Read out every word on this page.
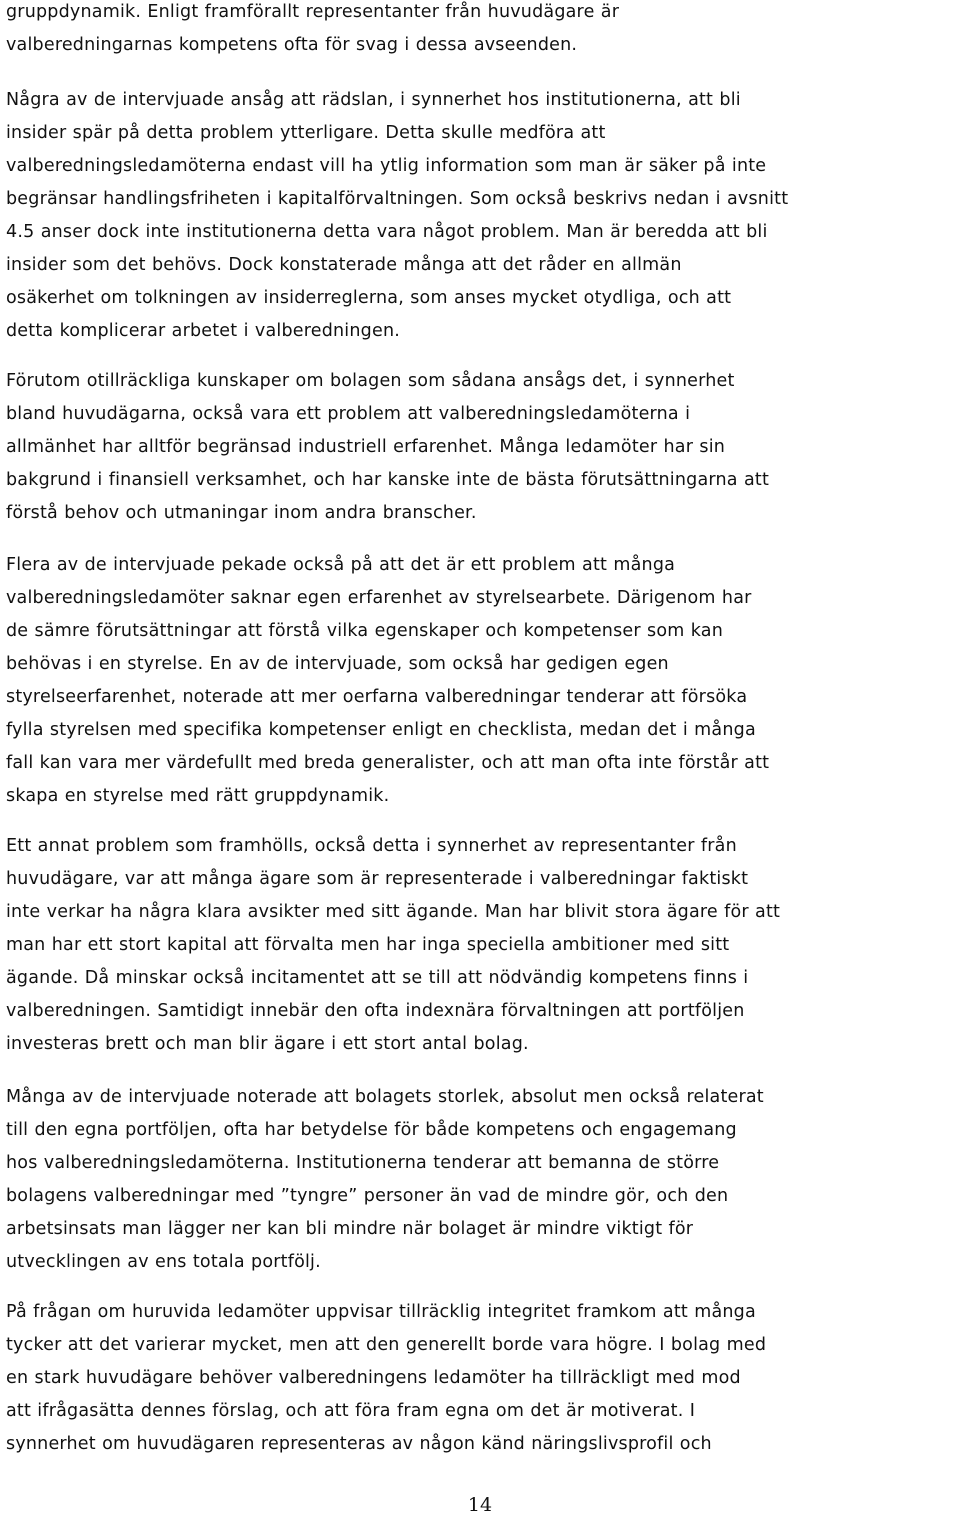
gruppdynamik. Enligt framförallt representanter från huvudägare är
valberedningarnas kompetens ofta för svag i dessa avseenden.
Några av de intervjuade ansåg att rädslan, i synnerhet hos institutionerna, att bli
insider spär på detta problem ytterligare. Detta skulle medföra att
valberedningsledamöterna endast vill ha ytlig information som man är säker på inte
begränsar handlingsfriheten i kapitalförvaltningen. Som också beskrivs nedan i avsnitt
4.5 anser dock inte institutionerna detta vara något problem. Man är beredda att bli
insider som det behövs. Dock konstaterade många att det råder en allmän
osäkerhet om tolkningen av insiderreglerna, som anses mycket otydliga, och att
detta komplicerar arbetet i valberedningen.
Förutom otillräckliga kunskaper om bolagen som sådana ansågs det, i synnerhet
bland huvudägarna, också vara ett problem att valberedningsledamöterna i
allmänhet har alltför begränsad industriell erfarenhet. Många ledamöter har sin
bakgrund i finansiell verksamhet, och har kanske inte de bästa förutsättningarna att
förstå behov och utmaningar inom andra branscher.
Flera av de intervjuade pekade också på att det är ett problem att många
valberedningsledamöter saknar egen erfarenhet av styrelsearbete. Därigenom har
de sämre förutsättningar att förstå vilka egenskaper och kompetenser som kan
behövas i en styrelse. En av de intervjuade, som också har gedigen egen
styrelseerfarenhet, noterade att mer oerfarna valberedningar tenderar att försöka
fylla styrelsen med specifika kompetenser enligt en checklista, medan det i många
fall kan vara mer värdefullt med breda generalister, och att man ofta inte förstår att
skapa en styrelse med rätt gruppdynamik.
Ett annat problem som framhölls, också detta i synnerhet av representanter från
huvudägare, var att många ägare som är representerade i valberedningar faktiskt
inte verkar ha några klara avsikter med sitt ägande. Man har blivit stora ägare för att
man har ett stort kapital att förvalta men har inga speciella ambitioner med sitt
ägande. Då minskar också incitamentet att se till att nödvändig kompetens finns i
valberedningen. Samtidigt innebär den ofta indexnära förvaltningen att portföljen
investeras brett och man blir ägare i ett stort antal bolag.
Många av de intervjuade noterade att bolagets storlek, absolut men också relaterat
till den egna portföljen, ofta har betydelse för både kompetens och engagemang
hos valberedningsledamöterna. Institutionerna tenderar att bemanna de större
bolagens valberedningar med ”tyngre” personer än vad de mindre gör, och den
arbetsinsats man lägger ner kan bli mindre när bolaget är mindre viktigt för
utvecklingen av ens totala portfölj.
På frågan om huruvida ledamöter uppvisar tillräcklig integritet framkom att många
tycker att det varierar mycket, men att den generellt borde vara högre. I bolag med
en stark huvudägare behöver valberedningens ledamöter ha tillräckligt med mod
att ifrågasätta dennes förslag, och att föra fram egna om det är motiverat. I
synnerhet om huvudägaren representeras av någon känd näringslivsprofil och
14
